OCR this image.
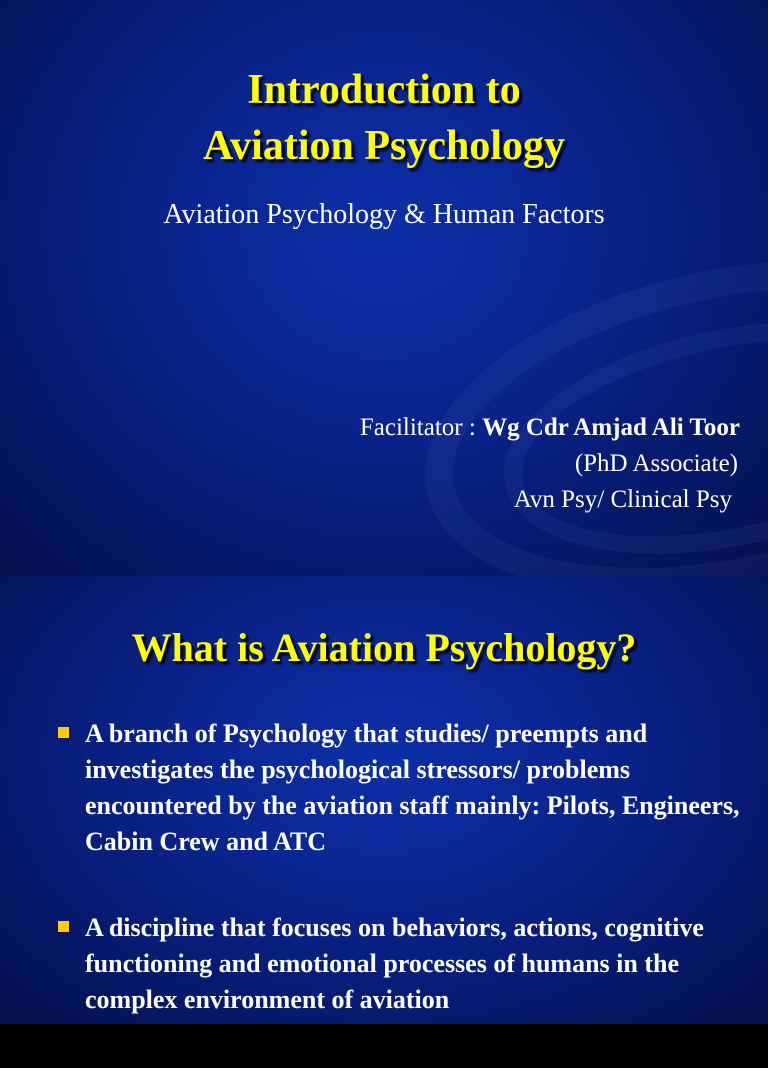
Introduction to
Aviation Psychology
Aviation Psychology & Human Factors
Facilitator : Wg Cdr Amjad Ali Toor
(PhD Associate)
Avn Psy/ Clinical Psy
What is Aviation Psychology?
A branch of Psychology that studies/ preempts and investigates the psychological stressors/ problems encountered by the aviation staff mainly: Pilots, Engineers, Cabin Crew and ATC
A discipline that focuses on behaviors, actions, cognitive functioning and emotional processes of humans in the complex environment of aviation
